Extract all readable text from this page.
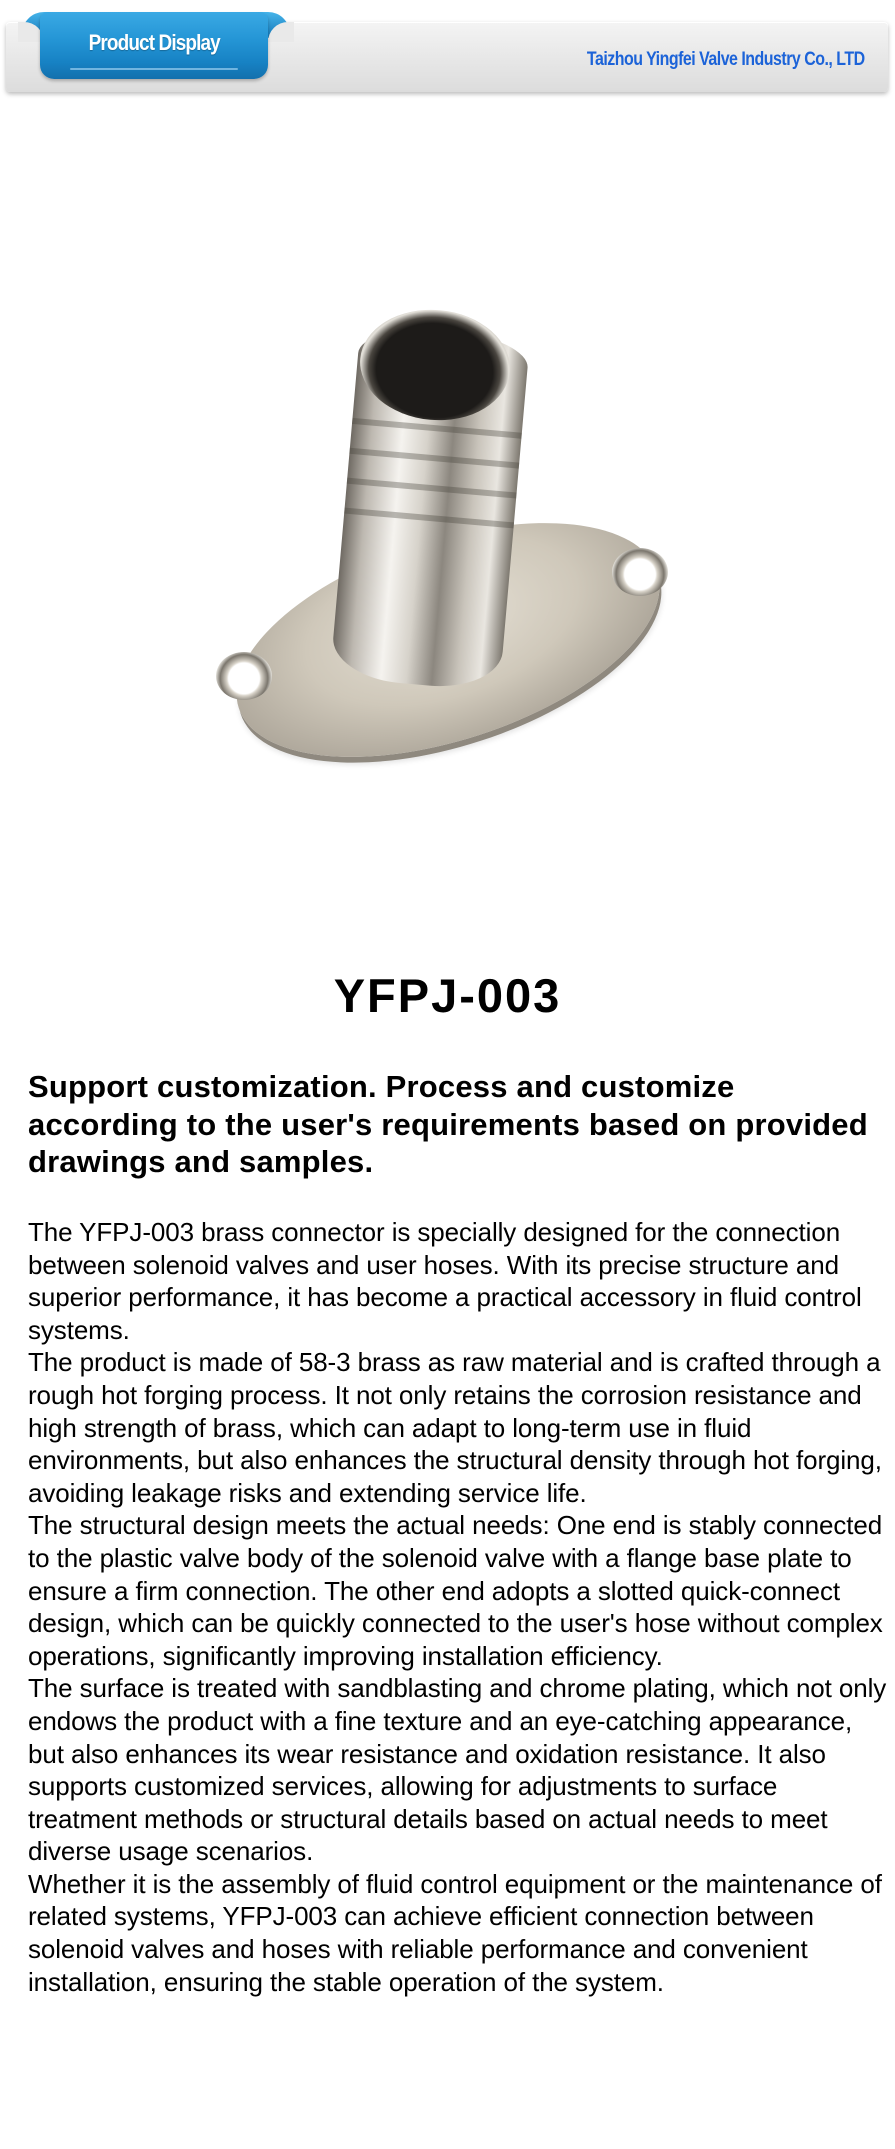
Product Display
Taizhou Yingfei Valve Industry Co., LTD
YFPJ-003
Support customization. Process and customize according to the user's requirements based on provided drawings and samples.

The YFPJ-003 brass connector is specially designed for the connection between solenoid valves and user hoses. With its precise structure and superior performance, it has become a practical accessory in fluid control systems.

The product is made of 58-3 brass as raw material and is crafted through a rough hot forging process. It not only retains the corrosion resistance and high strength of brass, which can adapt to long-term use in fluid environments, but also enhances the structural density through hot forging, avoiding leakage risks and extending service life.

The structural design meets the actual needs: One end is stably connected to the plastic valve body of the solenoid valve with a flange base plate to ensure a firm connection. The other end adopts a slotted quick-connect design, which can be quickly connected to the user's hose without complex operations, significantly improving installation efficiency.

The surface is treated with sandblasting and chrome plating, which not only endows the product with a fine texture and an eye-catching appearance, but also enhances its wear resistance and oxidation resistance. It also supports customized services, allowing for adjustments to surface treatment methods or structural details based on actual needs to meet diverse usage scenarios.

Whether it is the assembly of fluid control equipment or the maintenance of related systems, YFPJ-003 can achieve efficient connection between solenoid valves and hoses with reliable performance and convenient installation, ensuring the stable operation of the system.
